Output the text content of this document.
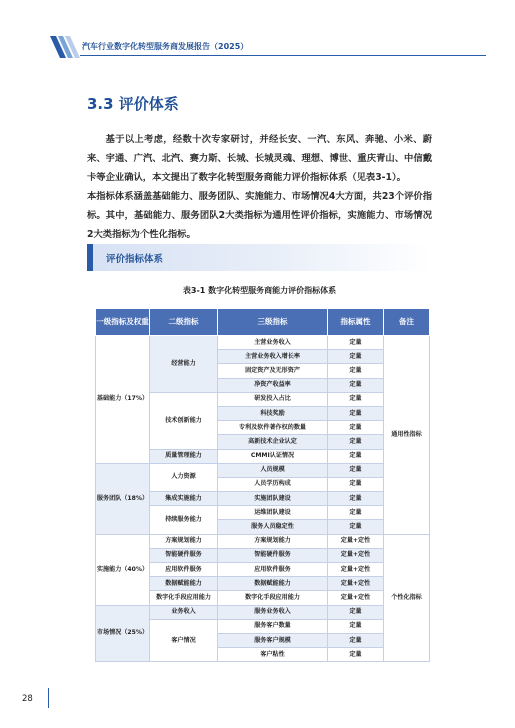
汽车行业数字化转型服务商发展报告（2025）
3.3 评价体系

基于以上考虑，经数十次专家研讨，并经长安、一汽、东风、奔驰、小米、蔚来、宇通、广汽、北汽、赛力斯、长城、长城灵魂、理想、博世、重庆青山、中信戴卡等企业确认，本文提出了数字化转型服务商能力评价指标体系（见表3-1）。

本指标体系涵盖基础能力、服务团队、实施能力、市场情况4大方面，共23个评价指标。其中，基础能力、服务团队2大类指标为通用性评价指标，实施能力、市场情况2大类指标为个性化指标。

评价指标体系
表3-1 数字化转型服务商能力评价指标体系
一级指标及权重	二级指标	三级指标	指标属性	备注
基础能力（17%）	经营能力	主营业务收入	定量	通用性指标
		主营业务收入增长率	定量	
		固定资产及无形资产	定量	
		净资产收益率	定量	
	技术创新能力	研发投入占比	定量	
		科技奖励	定量	
		专利及软件著作权的数量	定量	
		高新技术企业认定	定量	
	质量管理能力	CMMI认证情况	定量	
服务团队（18%）	人力资源	人员规模	定量	
		人员学历构成	定量	
	集成实施能力	实施团队建设	定量	
	持续服务能力	运维团队建设	定量	
		服务人员稳定性	定量	
实施能力（40%）	方案规划能力	方案规划能力	定量+定性	个性化指标
	智能硬件服务	智能硬件服务	定量+定性	
	应用软件服务	应用软件服务	定量+定性	
	数据赋能能力	数据赋能能力	定量+定性	
	数字化手段应用能力	数字化手段应用能力	定量+定性	
市场情况（25%）	业务收入	服务业务收入	定量	
	客户情况	服务客户数量	定量	
		服务客户规模	定量	
		客户粘性	定量	
28
